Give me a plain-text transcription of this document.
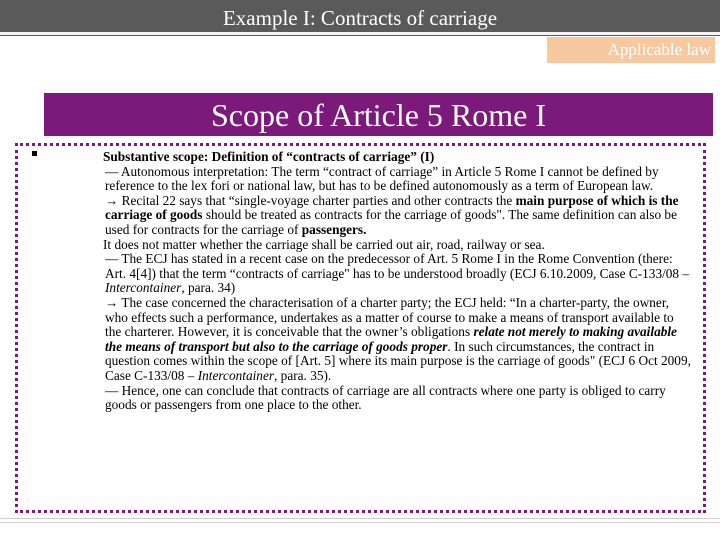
Example I: Contracts of carriage
Applicable law
Scope of Article 5 Rome I

Substantive scope: Definition of “contracts of carriage” (I)

— Autonomous interpretation: The term “contract of carriage” in Article 5 Rome I cannot be defined by reference to the lex fori or national law, but has to be defined autonomously as a term of European law.

→ Recital 22 says that “single-voyage charter parties and other contracts the main purpose of which is the carriage of goods should be treated as contracts for the carriage of goods". The same definition can also be used for contracts for the carriage of passengers.

It does not matter whether the carriage shall be carried out air, road, railway or sea.

— The ECJ has stated in a recent case on the predecessor of Art. 5 Rome I in the Rome Convention (there: Art. 4[4]) that the term “contracts of carriage" has to be understood broadly (ECJ 6.10.2009, Case C-133/08 – Intercontainer, para. 34)

→ The case concerned the characterisation of a charter party; the ECJ held: “In a charter-party, the owner, who effects such a performance, undertakes as a matter of course to make a means of transport available to the charterer. However, it is conceivable that the owner’s obligations relate not merely to making available the means of transport but also to the carriage of goods proper. In such circumstances, the contract in question comes within the scope of [Art. 5] where its main purpose is the carriage of goods" (ECJ 6 Oct 2009, Case C-133/08 – Intercontainer, para. 35).

— Hence, one can conclude that contracts of carriage are all contracts where one party is obliged to carry goods or passengers from one place to the other.
